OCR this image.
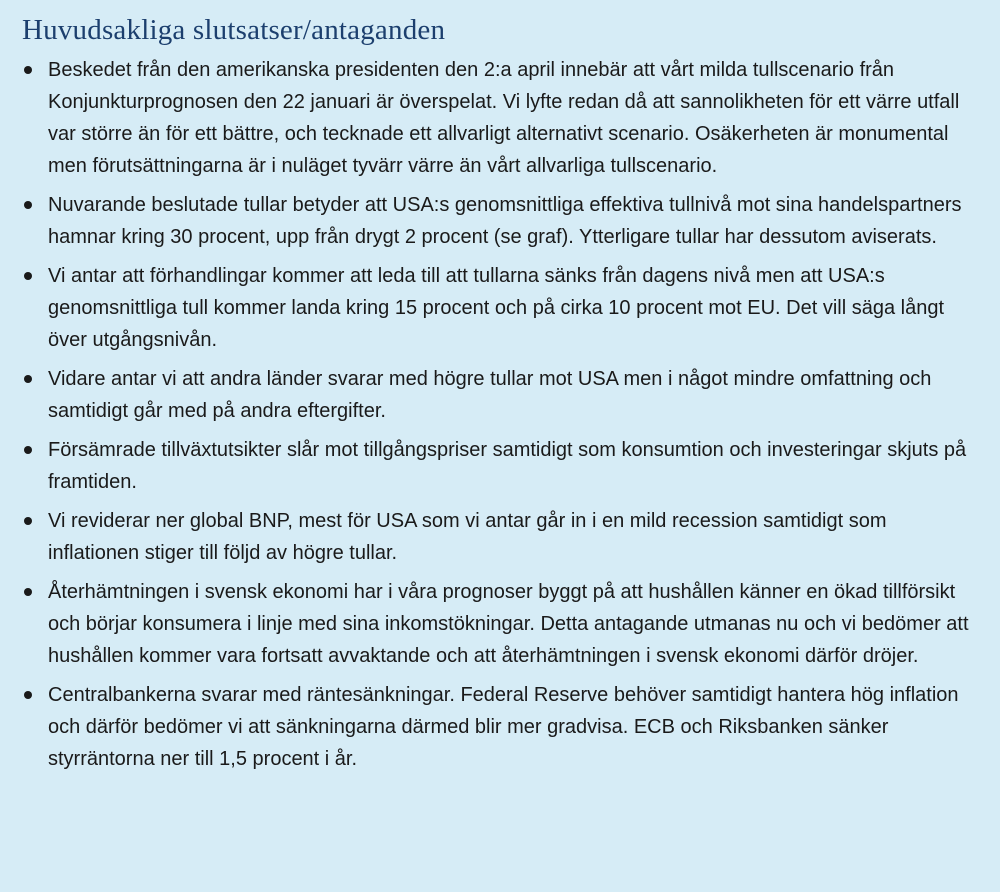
Huvudsakliga slutsatser/antaganden
Beskedet från den amerikanska presidenten den 2:a april innebär att vårt milda tullscenario från Konjunkturprognosen den 22 januari är överspelat. Vi lyfte redan då att sannolikheten för ett värre utfall var större än för ett bättre, och tecknade ett allvarligt alternativt scenario. Osäkerheten är monumental men förutsättningarna är i nuläget tyvärr värre än vårt allvarliga tullscenario.
Nuvarande beslutade tullar betyder att USA:s genomsnittliga effektiva tullnivå mot sina handelspartners hamnar kring 30 procent, upp från drygt 2 procent (se graf). Ytterligare tullar har dessutom aviserats.
Vi antar att förhandlingar kommer att leda till att tullarna sänks från dagens nivå men att USA:s genomsnittliga tull kommer landa kring 15 procent och på cirka 10 procent mot EU. Det vill säga långt över utgångsnivån.
Vidare antar vi att andra länder svarar med högre tullar mot USA men i något mindre omfattning och samtidigt går med på andra eftergifter.
Försämrade tillväxtutsikter slår mot tillgångspriser samtidigt som konsumtion och investeringar skjuts på framtiden.
Vi reviderar ner global BNP, mest för USA som vi antar går in i en mild recession samtidigt som inflationen stiger till följd av högre tullar.
Återhämtningen i svensk ekonomi har i våra prognoser byggt på att hushållen känner en ökad tillförsikt och börjar konsumera i linje med sina inkomstökningar. Detta antagande utmanas nu och vi bedömer att hushållen kommer vara fortsatt avvaktande och att återhämtningen i svensk ekonomi därför dröjer.
Centralbankerna svarar med räntesänkningar. Federal Reserve behöver samtidigt hantera hög inflation och därför bedömer vi att sänkningarna därmed blir mer gradvisa. ECB och Riksbanken sänker styrräntorna ner till 1,5 procent i år.
